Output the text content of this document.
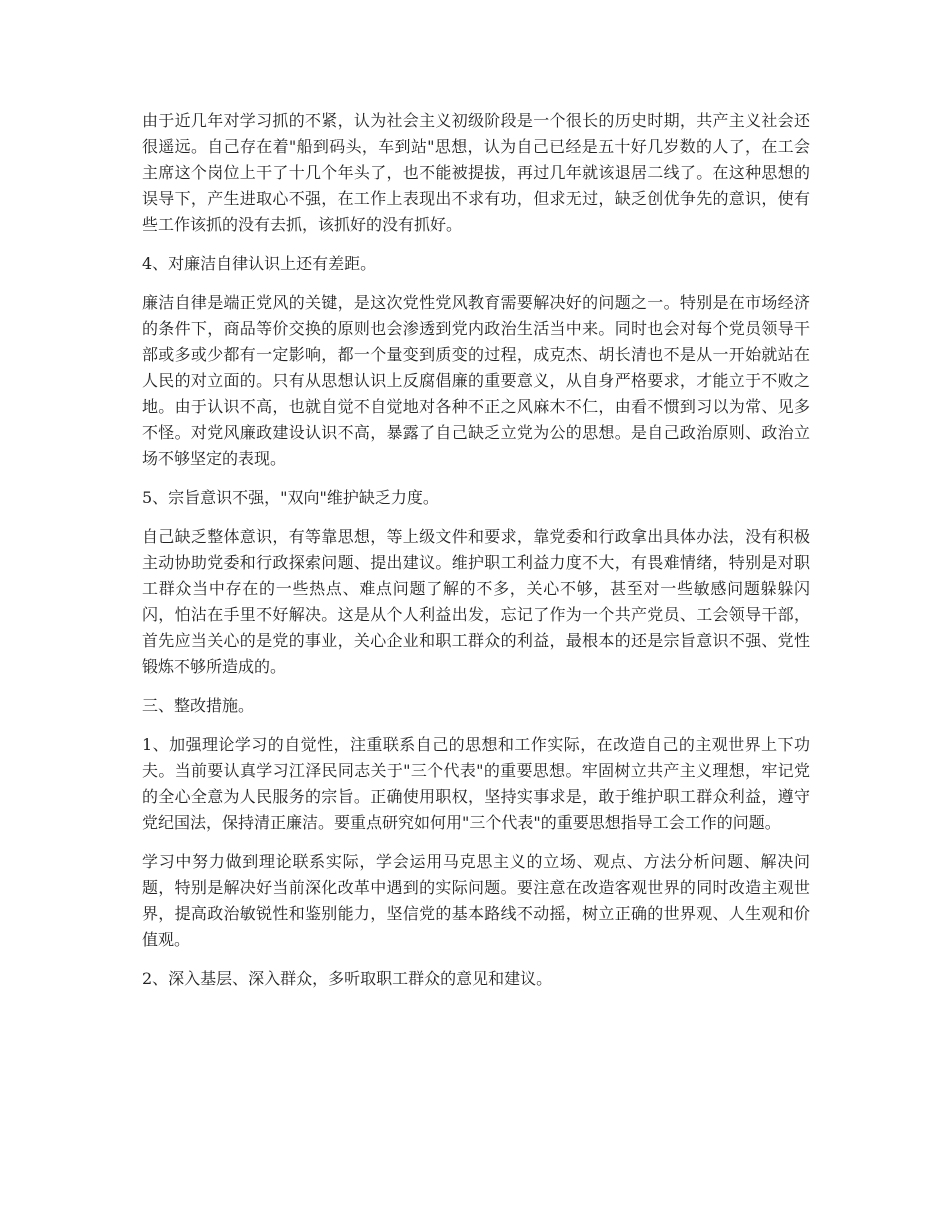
由于近几年对学习抓的不紧，认为社会主义初级阶段是一个很长的历史时期，共产主义社会还很遥远。自己存在着"船到码头，车到站"思想，认为自己已经是五十好几岁数的人了，在工会主席这个岗位上干了十几个年头了，也不能被提拔，再过几年就该退居二线了。在这种思想的误导下，产生进取心不强，在工作上表现出不求有功，但求无过，缺乏创优争先的意识，使有些工作该抓的没有去抓，该抓好的没有抓好。

4、对廉洁自律认识上还有差距。

廉洁自律是端正党风的关键，是这次党性党风教育需要解决好的问题之一。特别是在市场经济的条件下，商品等价交换的原则也会渗透到党内政治生活当中来。同时也会对每个党员领导干部或多或少都有一定影响，都一个量变到质变的过程，成克杰、胡长清也不是从一开始就站在人民的对立面的。只有从思想认识上反腐倡廉的重要意义，从自身严格要求，才能立于不败之地。由于认识不高，也就自觉不自觉地对各种不正之风麻木不仁，由看不惯到习以为常、见多不怪。对党风廉政建设认识不高，暴露了自己缺乏立党为公的思想。是自己政治原则、政治立场不够坚定的表现。

5、宗旨意识不强，"双向"维护缺乏力度。

自己缺乏整体意识，有等靠思想，等上级文件和要求，靠党委和行政拿出具体办法，没有积极主动协助党委和行政探索问题、提出建议。维护职工利益力度不大，有畏难情绪，特别是对职工群众当中存在的一些热点、难点问题了解的不多，关心不够，甚至对一些敏感问题躲躲闪闪，怕沾在手里不好解决。这是从个人利益出发，忘记了作为一个共产党员、工会领导干部，首先应当关心的是党的事业，关心企业和职工群众的利益，最根本的还是宗旨意识不强、党性锻炼不够所造成的。

三、整改措施。

1、加强理论学习的自觉性，注重联系自己的思想和工作实际，在改造自己的主观世界上下功夫。当前要认真学习江泽民同志关于"三个代表"的重要思想。牢固树立共产主义理想，牢记党的全心全意为人民服务的宗旨。正确使用职权，坚持实事求是，敢于维护职工群众利益，遵守党纪国法，保持清正廉洁。要重点研究如何用"三个代表"的重要思想指导工会工作的问题。

学习中努力做到理论联系实际，学会运用马克思主义的立场、观点、方法分析问题、解决问题，特别是解决好当前深化改革中遇到的实际问题。要注意在改造客观世界的同时改造主观世界，提高政治敏锐性和鉴别能力，坚信党的基本路线不动摇，树立正确的世界观、人生观和价值观。

2、深入基层、深入群众，多听取职工群众的意见和建议。
